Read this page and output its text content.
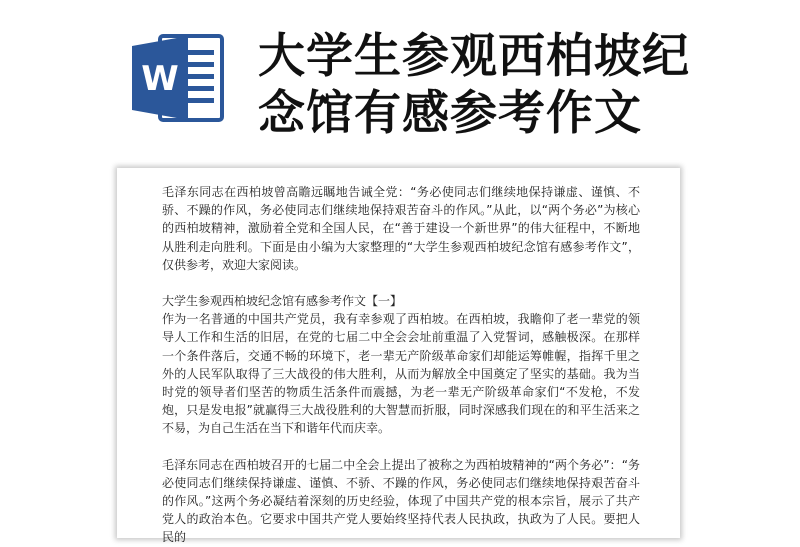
W 大学生参观西柏坡纪
念馆有感参考作文

毛泽东同志在西柏坡曾高瞻远瞩地告诫全党：“务必使同志们继续地保持谦虚、谨慎、不骄、不躁的作风，务必使同志们继续地保持艰苦奋斗的作风。”从此，以“两个务必”为核心的西柏坡精神，激励着全党和全国人民，在“善于建设一个新世界”的伟大征程中，不断地从胜利走向胜利。下面是由小编为大家整理的“大学生参观西柏坡纪念馆有感参考作文”，仅供参考，欢迎大家阅读。

大学生参观西柏坡纪念馆有感参考作文【一】

作为一名普通的中国共产党员，我有幸参观了西柏坡。在西柏坡，我瞻仰了老一辈党的领导人工作和生活的旧居，在党的七届二中全会会址前重温了入党誓词，感触极深。在那样一个条件落后，交通不畅的环境下，老一辈无产阶级革命家们却能运筹帷幄，指挥千里之外的人民军队取得了三大战役的伟大胜利，从而为解放全中国奠定了坚实的基础。我为当时党的领导者们坚苦的物质生活条件而震撼，为老一辈无产阶级革命家们“不发枪，不发炮，只是发电报”就赢得三大战役胜利的大智慧而折服，同时深感我们现在的和平生活来之不易，为自己生活在当下和谐年代而庆幸。

毛泽东同志在西柏坡召开的七届二中全会上提出了被称之为西柏坡精神的“两个务必”：“务必使同志们继续保持谦虚、谨慎、不骄、不躁的作风，务必使同志们继续地保持艰苦奋斗的作风。”这两个务必凝结着深刻的历史经验，体现了中国共产党的根本宗旨，展示了共产党人的政治本色。它要求中国共产党人要始终坚持代表人民执政，执政为了人民。要把人民的
